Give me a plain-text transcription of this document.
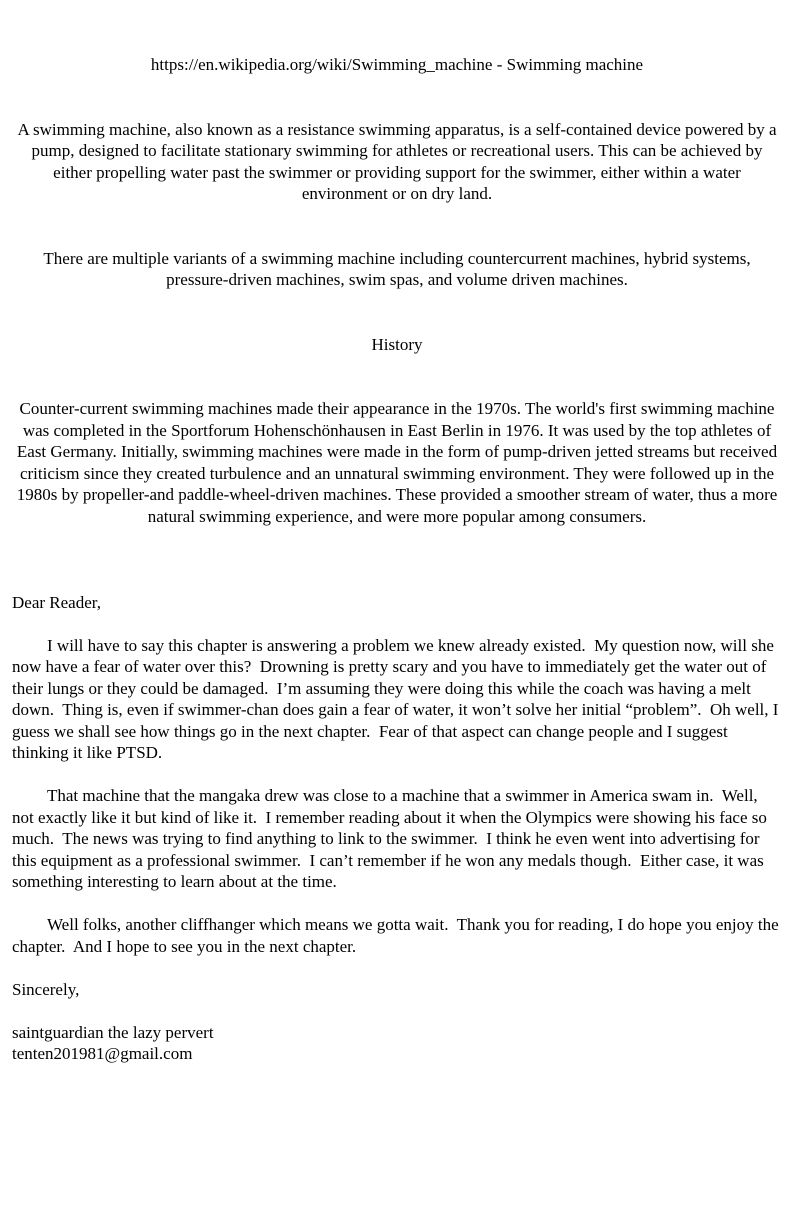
https://en.wikipedia.org/wiki/Swimming_machine - Swimming machine

A swimming machine, also known as a resistance swimming apparatus, is a self-contained device powered by a pump, designed to facilitate stationary swimming for athletes or recreational users. This can be achieved by either propelling water past the swimmer or providing support for the swimmer, either within a water environment or on dry land.

There are multiple variants of a swimming machine including countercurrent machines, hybrid systems, pressure-driven machines, swim spas, and volume driven machines.

History

Counter-current swimming machines made their appearance in the 1970s. The world's first swimming machine was completed in the Sportforum Hohenschönhausen in East Berlin in 1976. It was used by the top athletes of East Germany. Initially, swimming machines were made in the form of pump-driven jetted streams but received criticism since they created turbulence and an unnatural swimming environment. They were followed up in the 1980s by propeller-and paddle-wheel-driven machines. These provided a smoother stream of water, thus a more natural swimming experience, and were more popular among consumers.

Dear Reader,

I will have to say this chapter is answering a problem we knew already existed.  My question now, will she now have a fear of water over this?  Drowning is pretty scary and you have to immediately get the water out of their lungs or they could be damaged.  I’m assuming they were doing this while the coach was having a melt down.  Thing is, even if swimmer-chan does gain a fear of water, it won’t solve her initial “problem”.  Oh well, I guess we shall see how things go in the next chapter.  Fear of that aspect can change people and I suggest thinking it like PTSD.

That machine that the mangaka drew was close to a machine that a swimmer in America swam in.  Well, not exactly like it but kind of like it.  I remember reading about it when the Olympics were showing his face so much.  The news was trying to find anything to link to the swimmer.  I think he even went into advertising for this equipment as a professional swimmer.  I can’t remember if he won any medals though.  Either case, it was something interesting to learn about at the time.

Well folks, another cliffhanger which means we gotta wait.  Thank you for reading, I do hope you enjoy the chapter.  And I hope to see you in the next chapter.

Sincerely,

saintguardian the lazy pervert
tenten201981@gmail.com
